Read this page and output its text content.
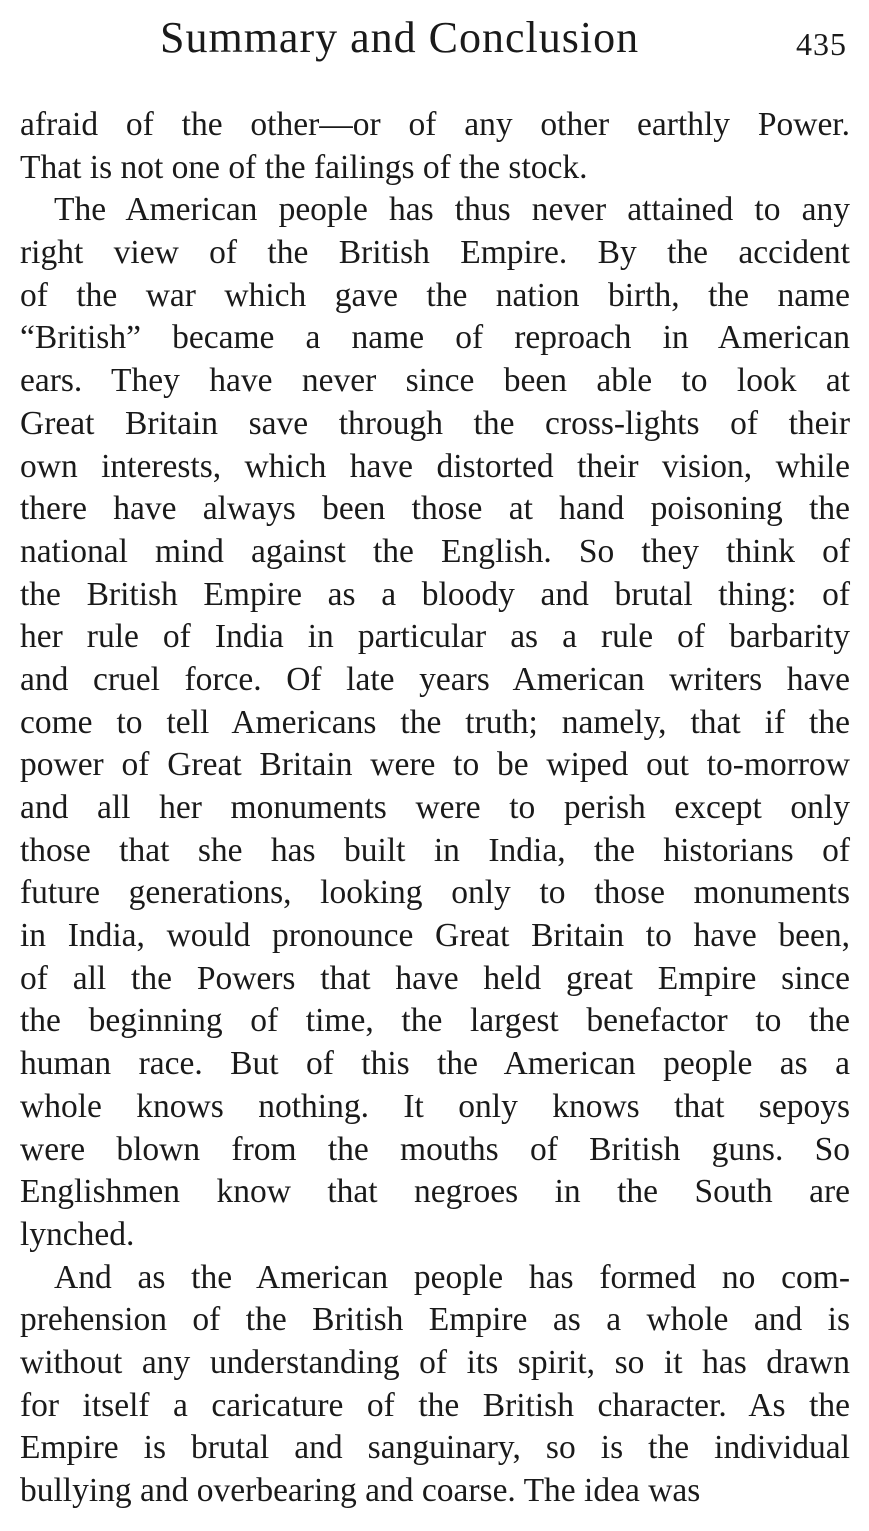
Summary and Conclusion	435
afraid of the other—or of any other earthly Power.
That is not one of the failings of the stock.
The American people has thus never attained to any
right view of the British Empire. By the accident
of the war which gave the nation birth, the name
“British” became a name of reproach in American
ears. They have never since been able to look at
Great Britain save through the cross-lights of their
own interests, which have distorted their vision, while
there have always been those at hand poisoning the
national mind against the English. So they think of
the British Empire as a bloody and brutal thing: of
her rule of India in particular as a rule of barbarity
and cruel force. Of late years American writers have
come to tell Americans the truth; namely, that if the
power of Great Britain were to be wiped out to-morrow
and all her monuments were to perish except only
those that she has built in India, the historians of
future generations, looking only to those monuments
in India, would pronounce Great Britain to have been,
of all the Powers that have held great Empire since
the beginning of time, the largest benefactor to the
human race. But of this the American people as a
whole knows nothing. It only knows that sepoys
were blown from the mouths of British guns. So
Englishmen know that negroes in the South are
lynched.
And as the American people has formed no com-
prehension of the British Empire as a whole and is
without any understanding of its spirit, so it has drawn
for itself a caricature of the British character. As the
Empire is brutal and sanguinary, so is the individual
bullying and overbearing and coarse. The idea was
